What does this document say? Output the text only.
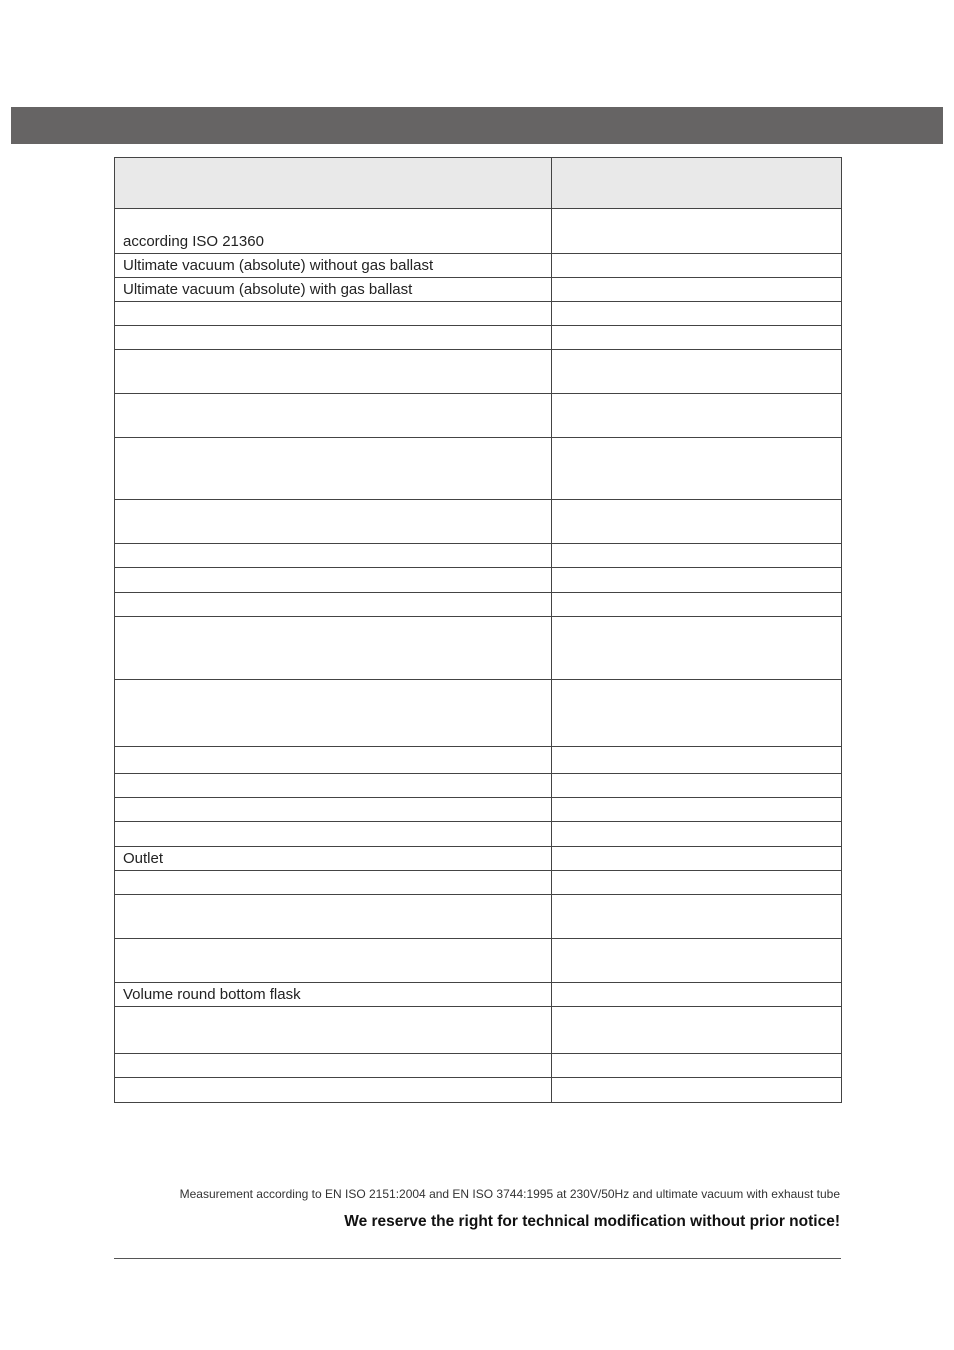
according ISO 21360	
Ultimate vacuum (absolute) without gas ballast	
Ultimate vacuum (absolute) with gas ballast	

Outlet	

Volume round bottom flask	

Measurement according to EN ISO 2151:2004 and EN ISO 3744:1995 at 230V/50Hz and ultimate vacuum with exhaust tube
We reserve the right for technical modification without prior notice!
